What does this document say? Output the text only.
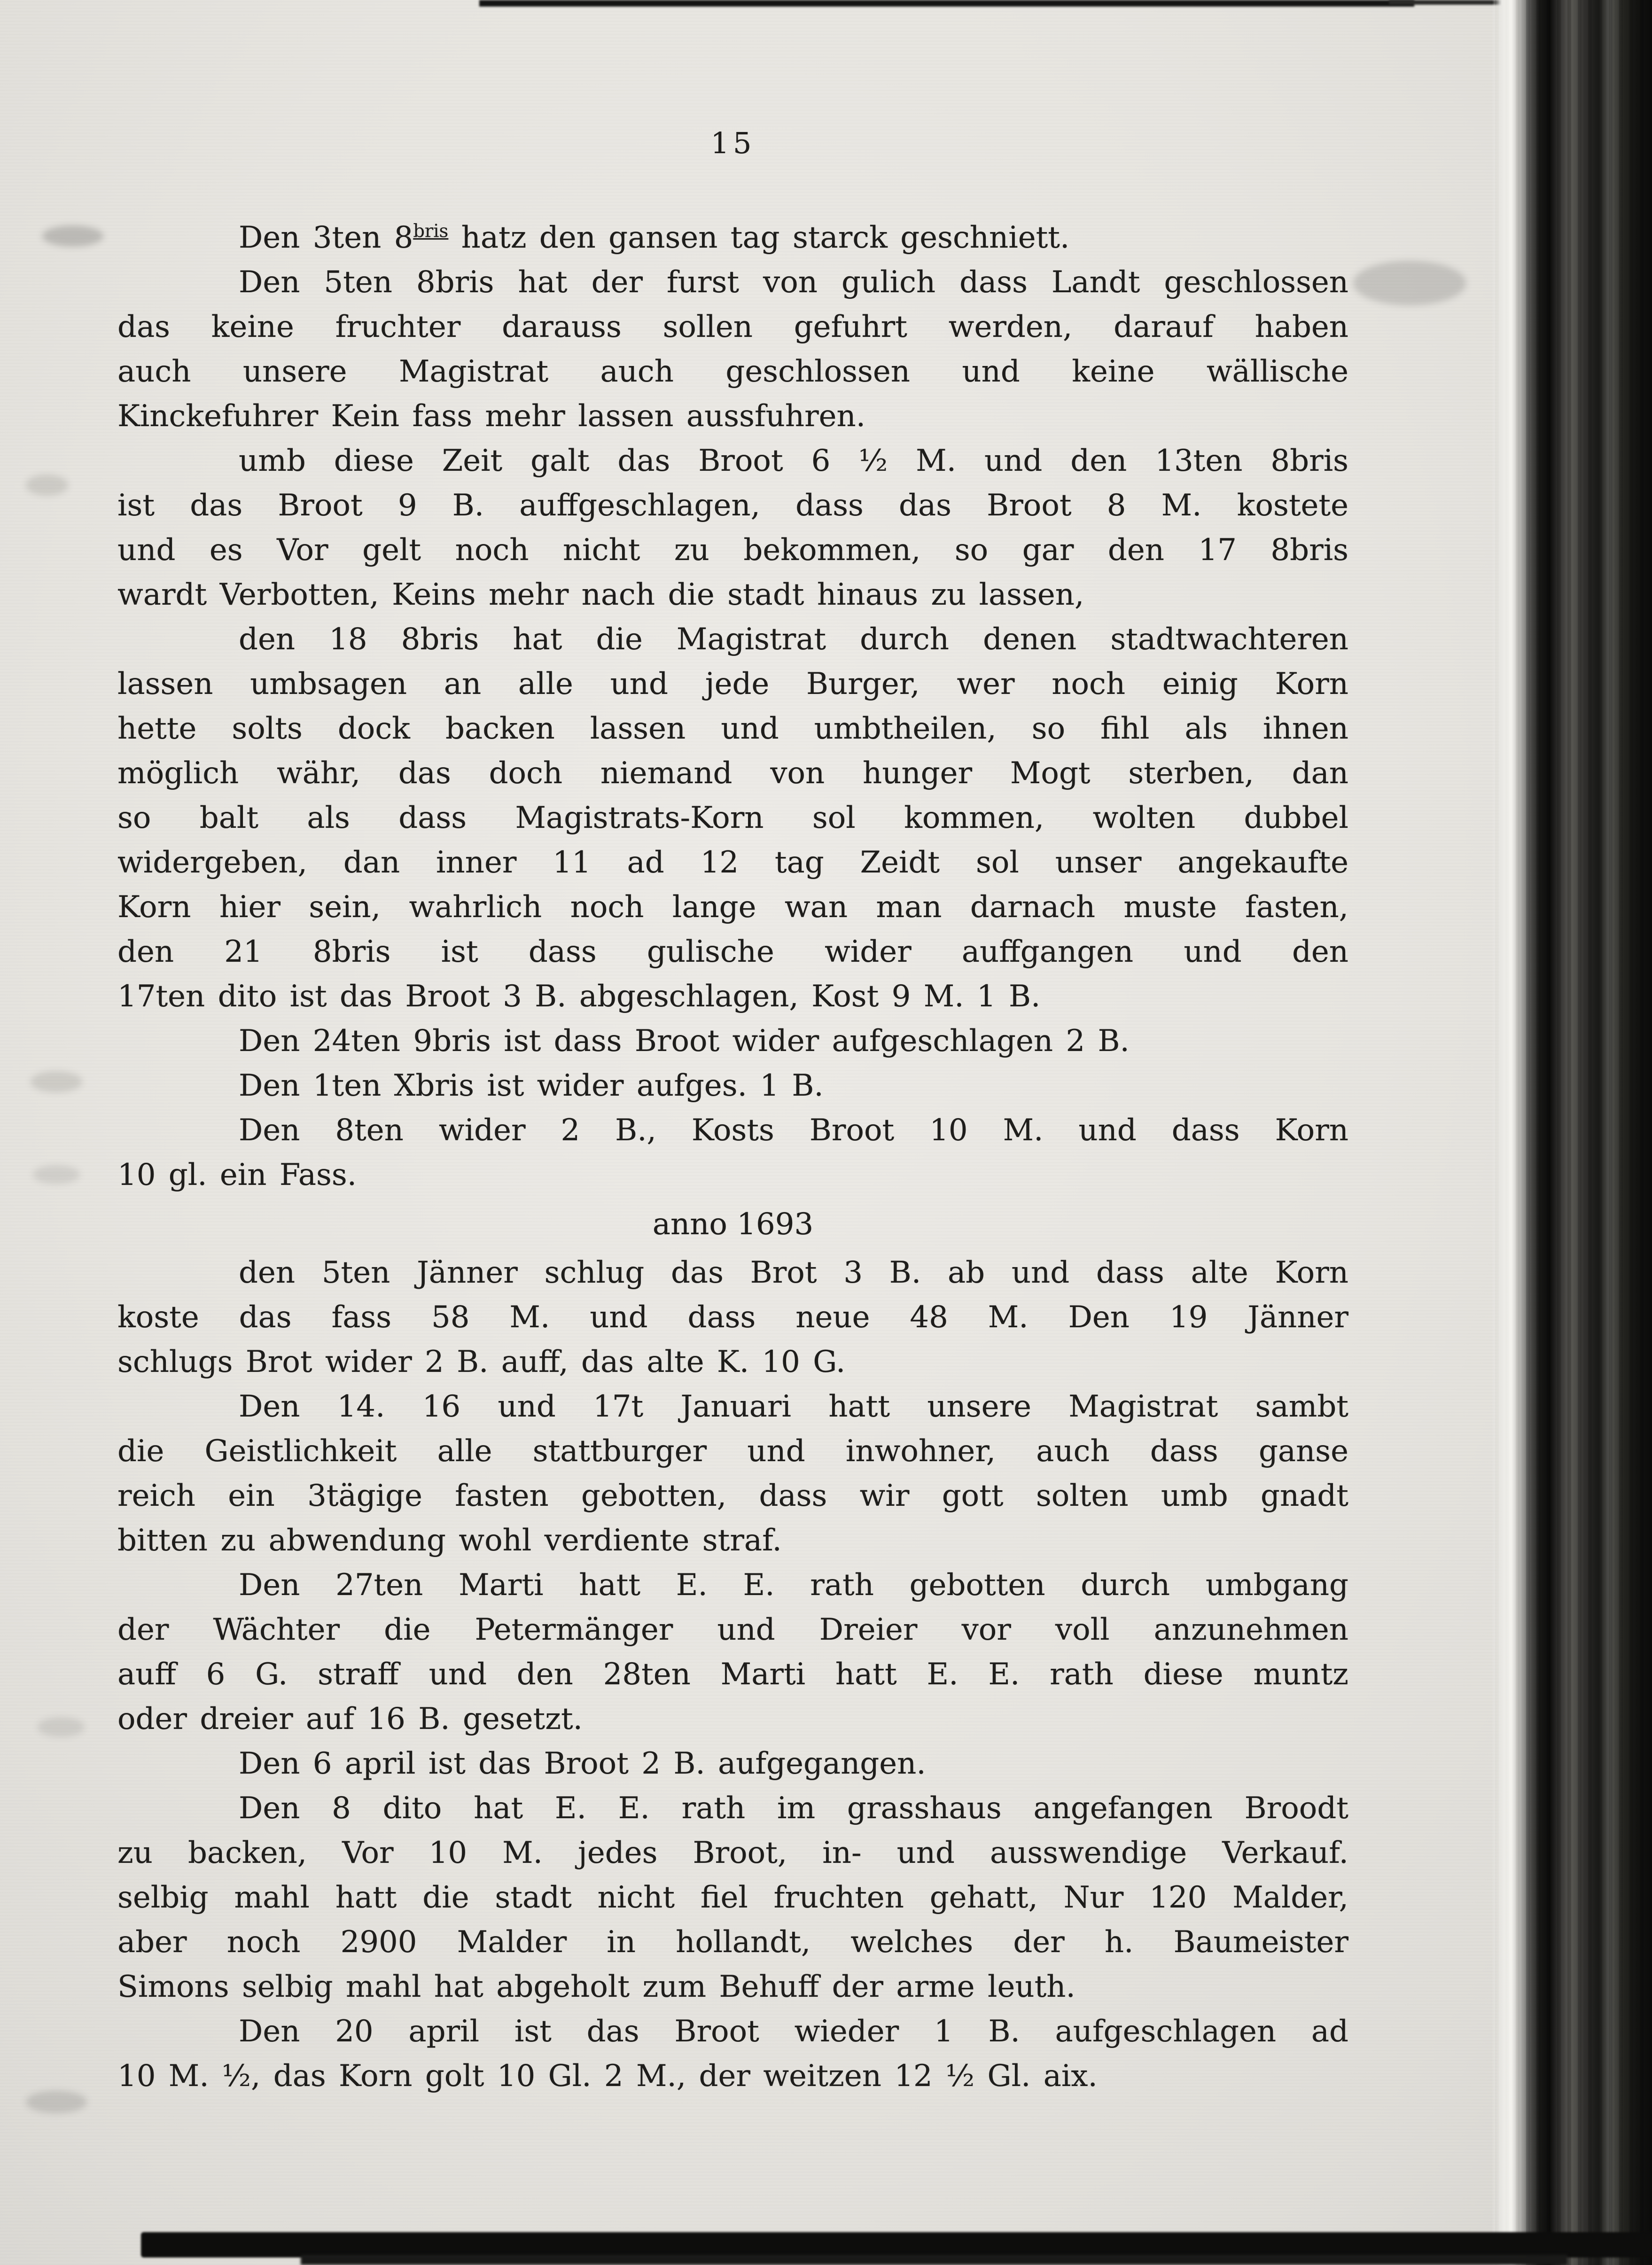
15
Den 3ten $8^{bris}$ hatz den gansen tag starck geschniett.
Den 5ten 8bris hat der furst von gulich dass Landt geschlossen
das keine fruchter darauss sollen gefuhrt werden, darauf haben
auch unsere Magistrat auch geschlossen und keine wällische
Kinckefuhrer Kein fass mehr lassen aussfuhren.
umb diese Zeit galt das Broot 6 ½ M. und den 13ten 8bris
ist das Broot 9 B. auffgeschlagen, dass das Broot 8 M. kostete
und es Vor gelt noch nicht zu bekommen, so gar den 17 8bris
wardt Verbotten, Keins mehr nach die stadt hinaus zu lassen,
den 18 8bris hat die Magistrat durch denen stadtwachteren
lassen umbsagen an alle und jede Burger, wer noch einig Korn
hette solts dock backen lassen und umbtheilen, so fihl als ihnen
möglich währ, das doch niemand von hunger Mogt sterben, dan
so balt als dass Magistrats-Korn sol kommen, wolten dubbel
widergeben, dan inner 11 ad 12 tag Zeidt sol unser angekaufte
Korn hier sein, wahrlich noch lange wan man darnach muste fasten,
den 21 8bris ist dass gulische wider auffgangen und den
17ten dito ist das Broot 3 B. abgeschlagen, Kost 9 M. 1 B.
Den 24ten 9bris ist dass Broot wider aufgeschlagen 2 B.
Den 1ten Xbris ist wider aufges. 1 B.
Den 8ten wider 2 B., Kosts Broot 10 M. und dass Korn
10 gl. ein Fass.
anno 1693
den 5ten Jänner schlug das Brot 3 B. ab und dass alte Korn
koste das fass 58 M. und dass neue 48 M. Den 19 Jänner
schlugs Brot wider 2 B. auff, das alte K. 10 G.
Den 14. 16 und 17t Januari hatt unsere Magistrat sambt
die Geistlichkeit alle stattburger und inwohner, auch dass ganse
reich ein 3tägige fasten gebotten, dass wir gott solten umb gnadt
bitten zu abwendung wohl verdiente straf.
Den 27ten Marti hatt E. E. rath gebotten durch umbgang
der Wächter die Petermänger und Dreier vor voll anzunehmen
auff 6 G. straff und den 28ten Marti hatt E. E. rath diese muntz
oder dreier auf 16 B. gesetzt.
Den 6 april ist das Broot 2 B. aufgegangen.
Den 8 dito hat E. E. rath im grasshaus angefangen Broodt
zu backen, Vor 10 M. jedes Broot, in- und ausswendige Verkauf.
selbig mahl hatt die stadt nicht fiel fruchten gehatt, Nur 120 Malder,
aber noch 2900 Malder in hollandt, welches der h. Baumeister
Simons selbig mahl hat abgeholt zum Behuff der arme leuth.
Den 20 april ist das Broot wieder 1 B. aufgeschlagen ad
10 M. ½, das Korn golt 10 Gl. 2 M., der weitzen 12 ½ Gl. aix.
